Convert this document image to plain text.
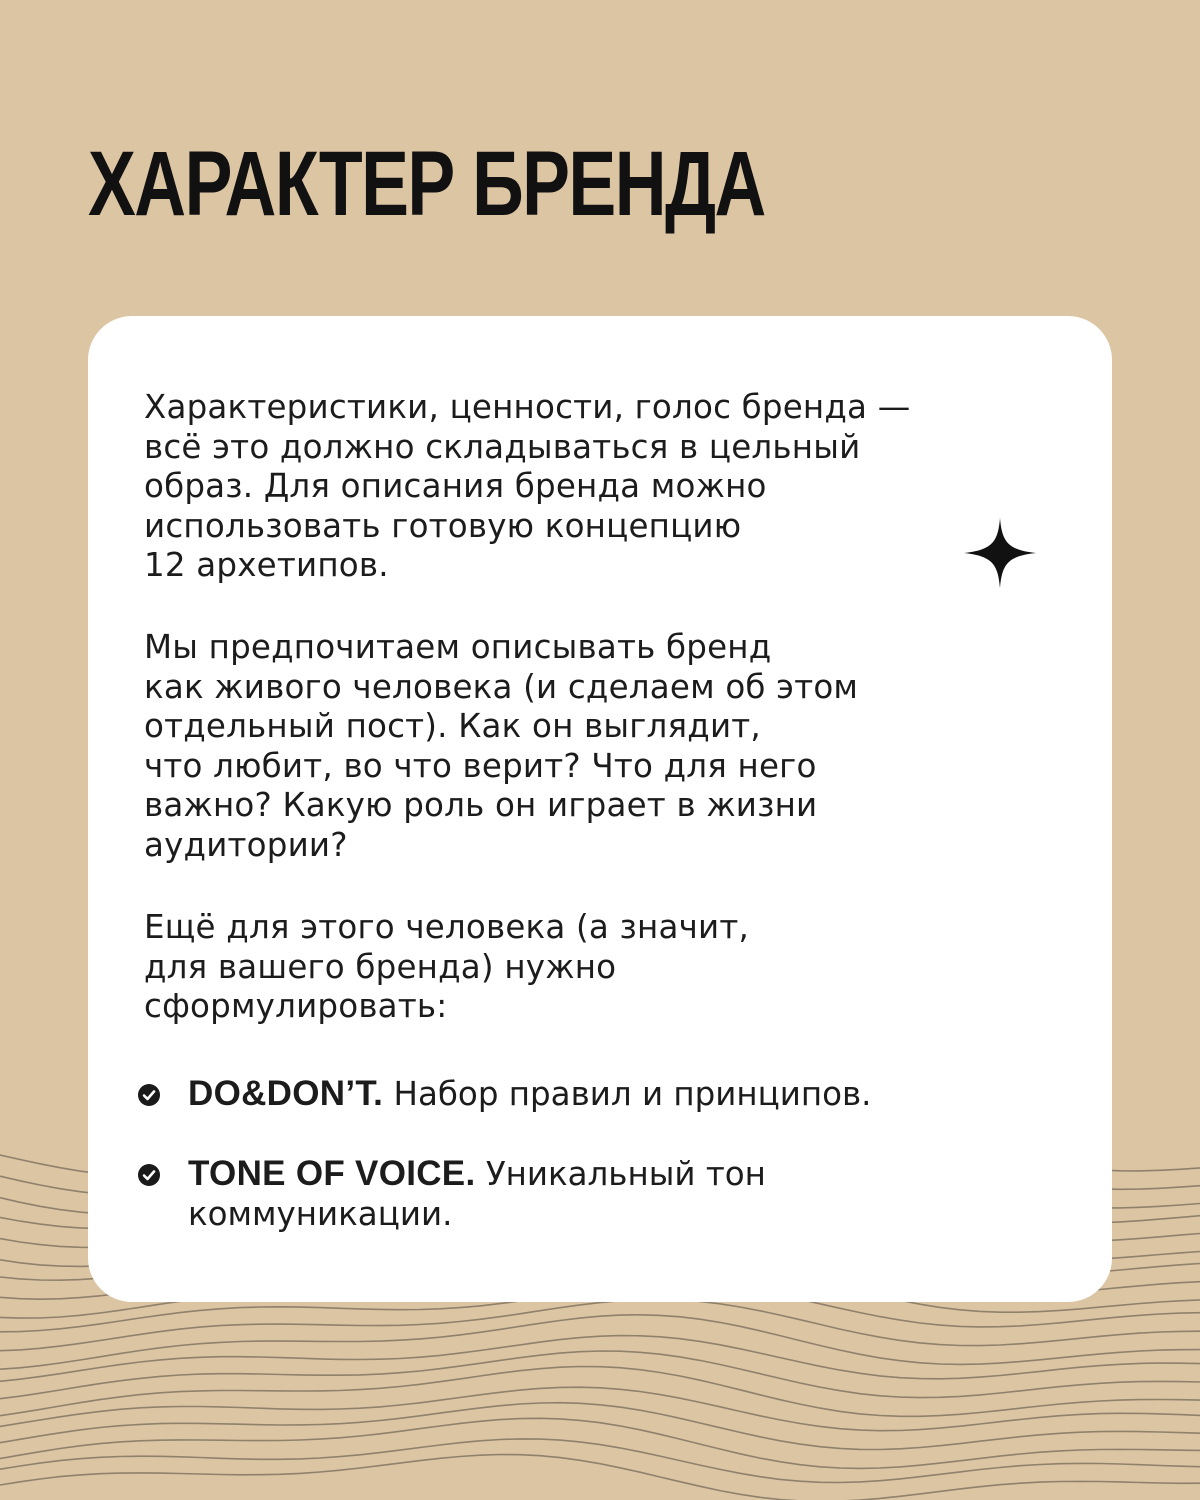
ХАРАКТЕР БРЕНДА

Характеристики, ценности, голос бренда —
всё это должно складываться в цельный
образ. Для описания бренда можно
использовать готовую концепцию
12 архетипов.

Мы предпочитаем описывать бренд
как живого человека (и сделаем об этом
отдельный пост). Как он выглядит,
что любит, во что верит? Что для него
важно? Какую роль он играет в жизни
аудитории?

Ещё для этого человека (а значит,
для вашего бренда) нужно
сформулировать:

DO&DON’T. Набор правил и принципов.
TONE OF VOICE. Уникальный тон
коммуникации.
